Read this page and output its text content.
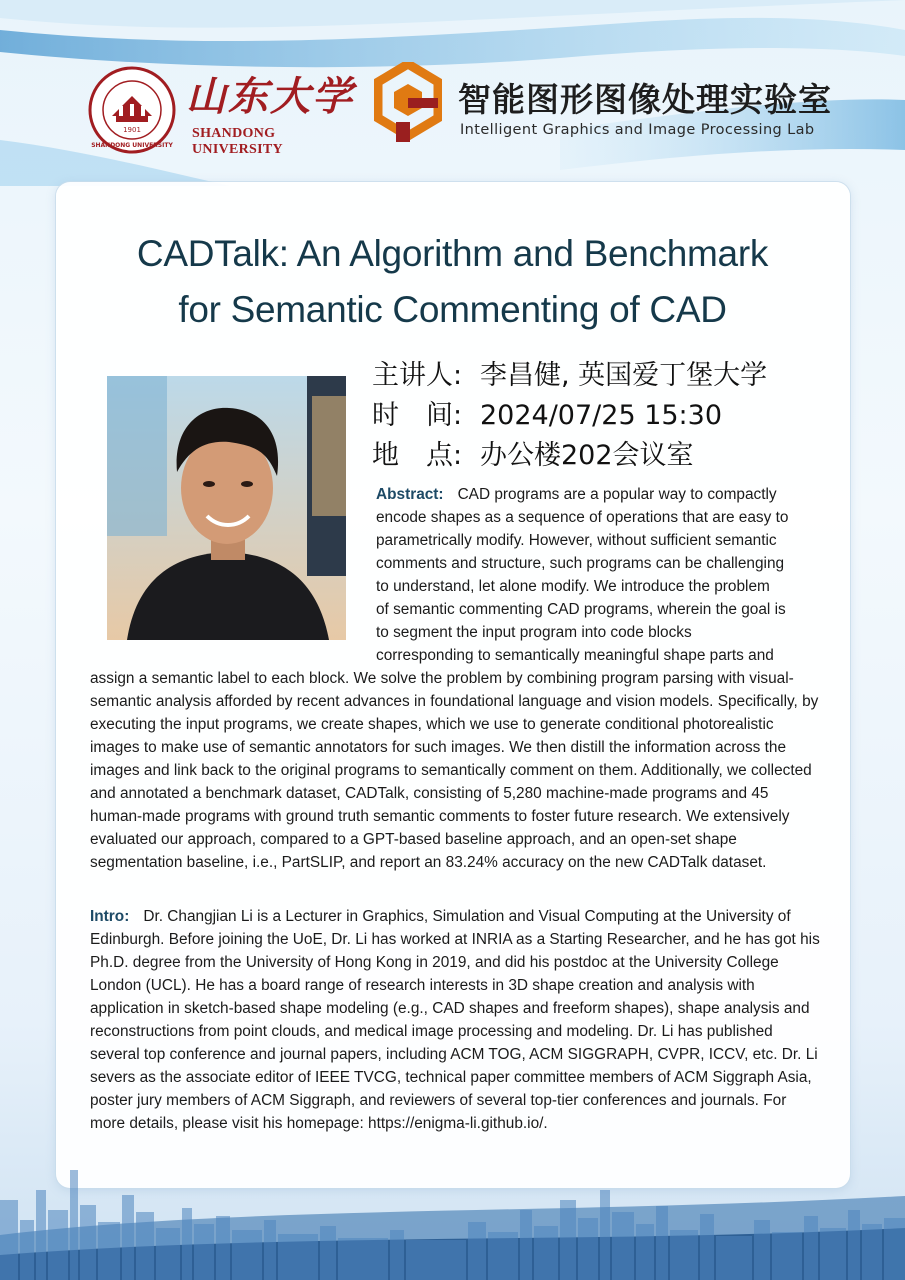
1901
SHANDONG UNIVERSITY
山东大学
SHANDONG UNIVERSITY
智能图形图像处理实验室
Intelligent Graphics and Image Processing Lab
CADTalk: An Algorithm and Benchmark
for Semantic Commenting of CAD
主讲人: 李昌健, 英国爱丁堡大学
时　间: 2024/07/25 15:30
地　点: 办公楼202会议室
Abstract: CAD programs are a popular way to compactly
encode shapes as a sequence of operations that are easy to
parametrically modify. However, without sufficient semantic
comments and structure, such programs can be challenging
to understand, let alone modify. We introduce the problem
of semantic commenting CAD programs, wherein the goal is
to segment the input program into code blocks
corresponding to semantically meaningful shape parts and
assign a semantic label to each block. We solve the problem by combining program parsing with visual-semantic analysis afforded by recent advances in foundational language and vision models. Specifically, by executing the input programs, we create shapes, which we use to generate conditional photorealistic images to make use of semantic annotators for such images. We then distill the information across the images and link back to the original programs to semantically comment on them. Additionally, we collected and annotated a benchmark dataset, CADTalk, consisting of 5,280 machine-made programs and 45 human-made programs with ground truth semantic comments to foster future research. We extensively evaluated our approach, compared to a GPT-based baseline approach, and an open-set shape segmentation baseline, i.e., PartSLIP, and report an 83.24% accuracy on the new CADTalk dataset.
Intro: Dr. Changjian Li is a Lecturer in Graphics, Simulation and Visual Computing at the University of Edinburgh. Before joining the UoE, Dr. Li has worked at INRIA as a Starting Researcher, and he has got his Ph.D. degree from the University of Hong Kong in 2019, and did his postdoc at the University College London (UCL). He has a board range of research interests in 3D shape creation and analysis with application in sketch-based shape modeling (e.g., CAD shapes and freeform shapes), shape analysis and reconstructions from point clouds, and medical image processing and modeling. Dr. Li has published several top conference and journal papers, including ACM TOG, ACM SIGGRAPH, CVPR, ICCV, etc. Dr. Li severs as the associate editor of IEEE TVCG, technical paper committee members of ACM Siggraph Asia, poster jury members of ACM Siggraph, and reviewers of several top-tier conferences and journals. For more details, please visit his homepage: https://enigma-li.github.io/.
